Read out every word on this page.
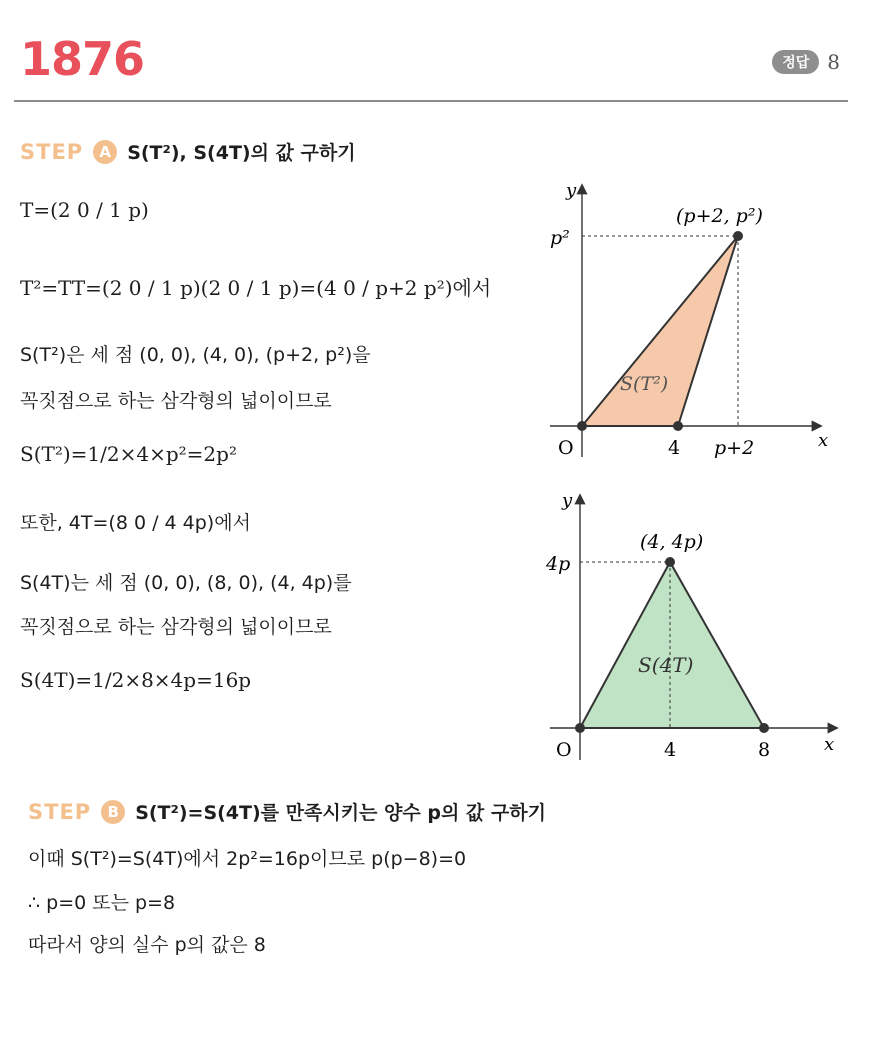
1876	정답 8
STEP	A S(T²), S(4T)의 값 구하기
T=(2 0 / 1 p)
T²=TT=(2 0 / 1 p)(2 0 / 1 p)=(4 0 / p+2 p²)에서
S(T²)은 세 점 (0, 0), (4, 0), (p+2, p²)을
꼭짓점으로 하는 삼각형의 넓이이므로
S(T²)=1/2×4×p²=2p²
또한, 4T=(8 0 / 4 4p)에서
S(4T)는 세 점 (0, 0), (8, 0), (4, 4p)를
꼭짓점으로 하는 삼각형의 넓이이므로
S(4T)=1/2×8×4p=16p
y
x
O	4 p+2
p²
(p+2, p²)
S(T²)
y
x
O	4	8
4p
(4, 4p)
S(4T)
STEP	B S(T²)=S(4T)를 만족시키는 양수 p의 값 구하기
이때 S(T²)=S(4T)에서 2p²=16p이므로 p(p−8)=0
∴ p=0 또는 p=8
따라서 양의 실수 p의 값은 8
